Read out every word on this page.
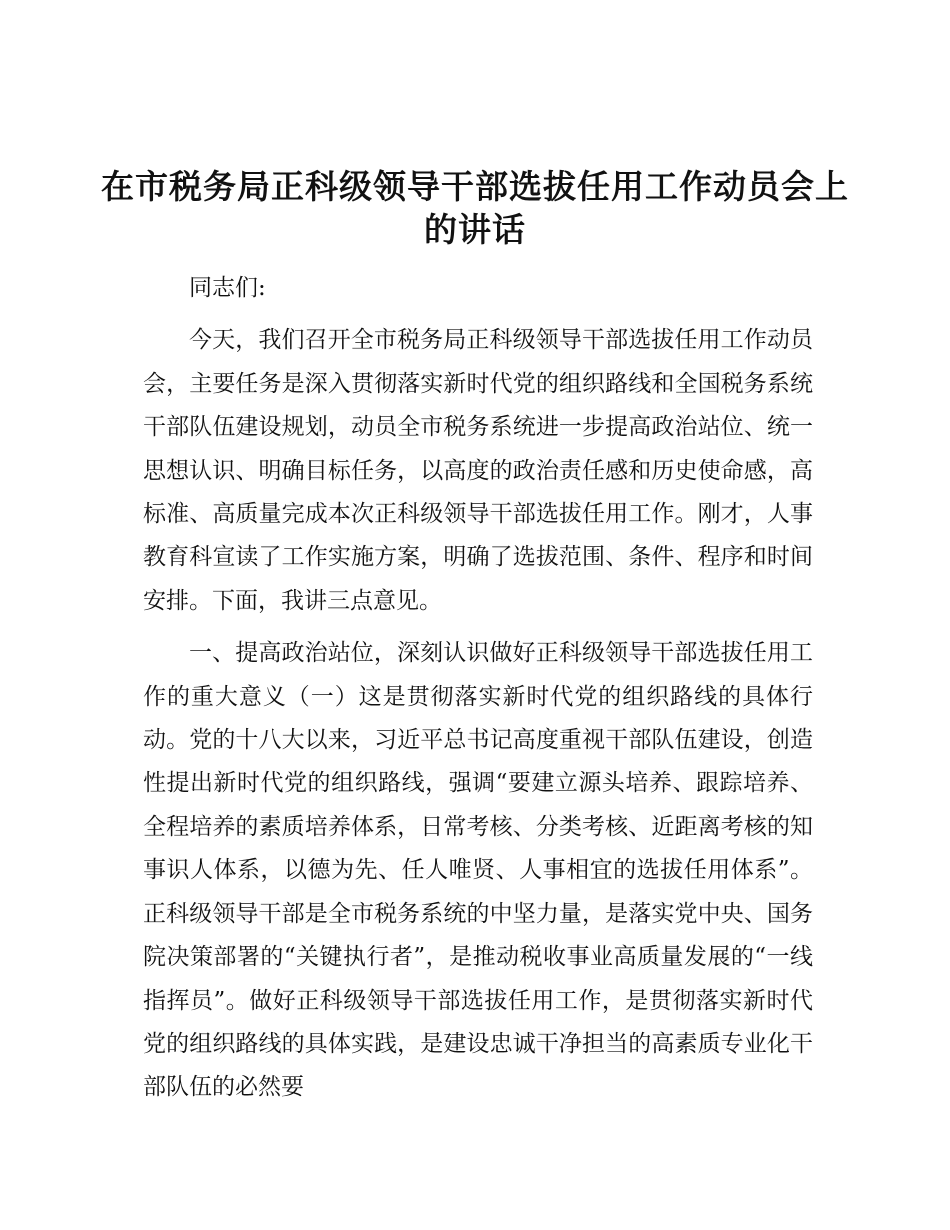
在市税务局正科级领导干部选拔任用工作动员会上的讲话

同志们:

今天，我们召开全市税务局正科级领导干部选拔任用工作动员会，主要任务是深入贯彻落实新时代党的组织路线和全国税务系统干部队伍建设规划，动员全市税务系统进一步提高政治站位、统一思想认识、明确目标任务，以高度的政治责任感和历史使命感，高标准、高质量完成本次正科级领导干部选拔任用工作。刚才，人事教育科宣读了工作实施方案，明确了选拔范围、条件、程序和时间安排。下面，我讲三点意见。

一、提高政治站位，深刻认识做好正科级领导干部选拔任用工作的重大意义（一）这是贯彻落实新时代党的组织路线的具体行动。党的十八大以来，习近平总书记高度重视干部队伍建设，创造性提出新时代党的组织路线，强调“要建立源头培养、跟踪培养、全程培养的素质培养体系，日常考核、分类考核、近距离考核的知事识人体系，以德为先、任人唯贤、人事相宜的选拔任用体系”。正科级领导干部是全市税务系统的中坚力量，是落实党中央、国务院决策部署的“关键执行者”，是推动税收事业高质量发展的“一线指挥员”。做好正科级领导干部选拔任用工作，是贯彻落实新时代党的组织路线的具体实践，是建设忠诚干净担当的高素质专业化干部队伍的必然要
